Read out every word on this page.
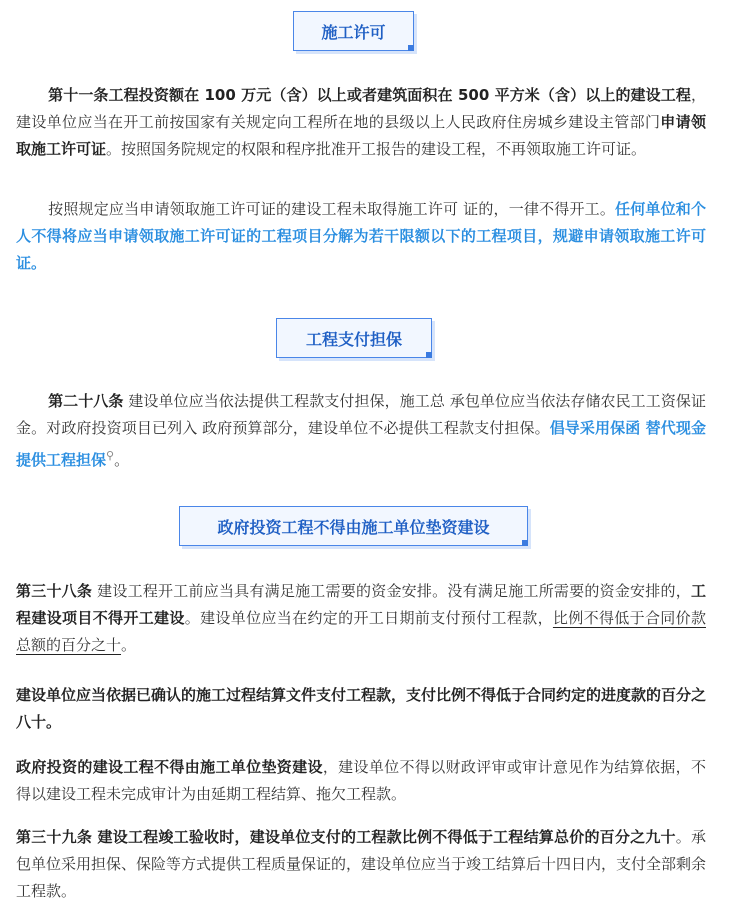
施工许可

第十一条工程投资额在 100 万元（含）以上或者建筑面积在 500 平方米（含）以上的建设工程，建设单位应当在开工前按国家有关规定向工程所在地的县级以上人民政府住房城乡建设主管部门申请领取施工许可证。按照国务院规定的权限和程序批准开工报告的建设工程，不再领取施工许可证。

按照规定应当申请领取施工许可证的建设工程未取得施工许可 证的，一律不得开工。任何单位和个人不得将应当申请领取施工许可证的工程项目分解为若干限额以下的工程项目，规避申请领取施工许可证。

工程支付担保

第二十八条 建设单位应当依法提供工程款支付担保，施工总 承包单位应当依法存储农民工工资保证金。对政府投资项目已列入 政府预算部分，建设单位不必提供工程款支付担保。倡导采用保函 替代现金提供工程担保⚲。

政府投资工程不得由施工单位垫资建设

第三十八条 建设工程开工前应当具有满足施工需要的资金安排。没有满足施工所需要的资金安排的，工程建设项目不得开工建设。建设单位应当在约定的开工日期前支付预付工程款，比例不得低于合同价款总额的百分之十。

建设单位应当依据已确认的施工过程结算文件支付工程款，支付比例不得低于合同约定的进度款的百分之八十。

政府投资的建设工程不得由施工单位垫资建设，建设单位不得以财政评审或审计意见作为结算依据，不得以建设工程未完成审计为由延期工程结算、拖欠工程款。

第三十九条 建设工程竣工验收时，建设单位支付的工程款比例不得低于工程结算总价的百分之九十。承包单位采用担保、保险等方式提供工程质量保证的，建设单位应当于竣工结算后十四日内，支付全部剩余工程款。
